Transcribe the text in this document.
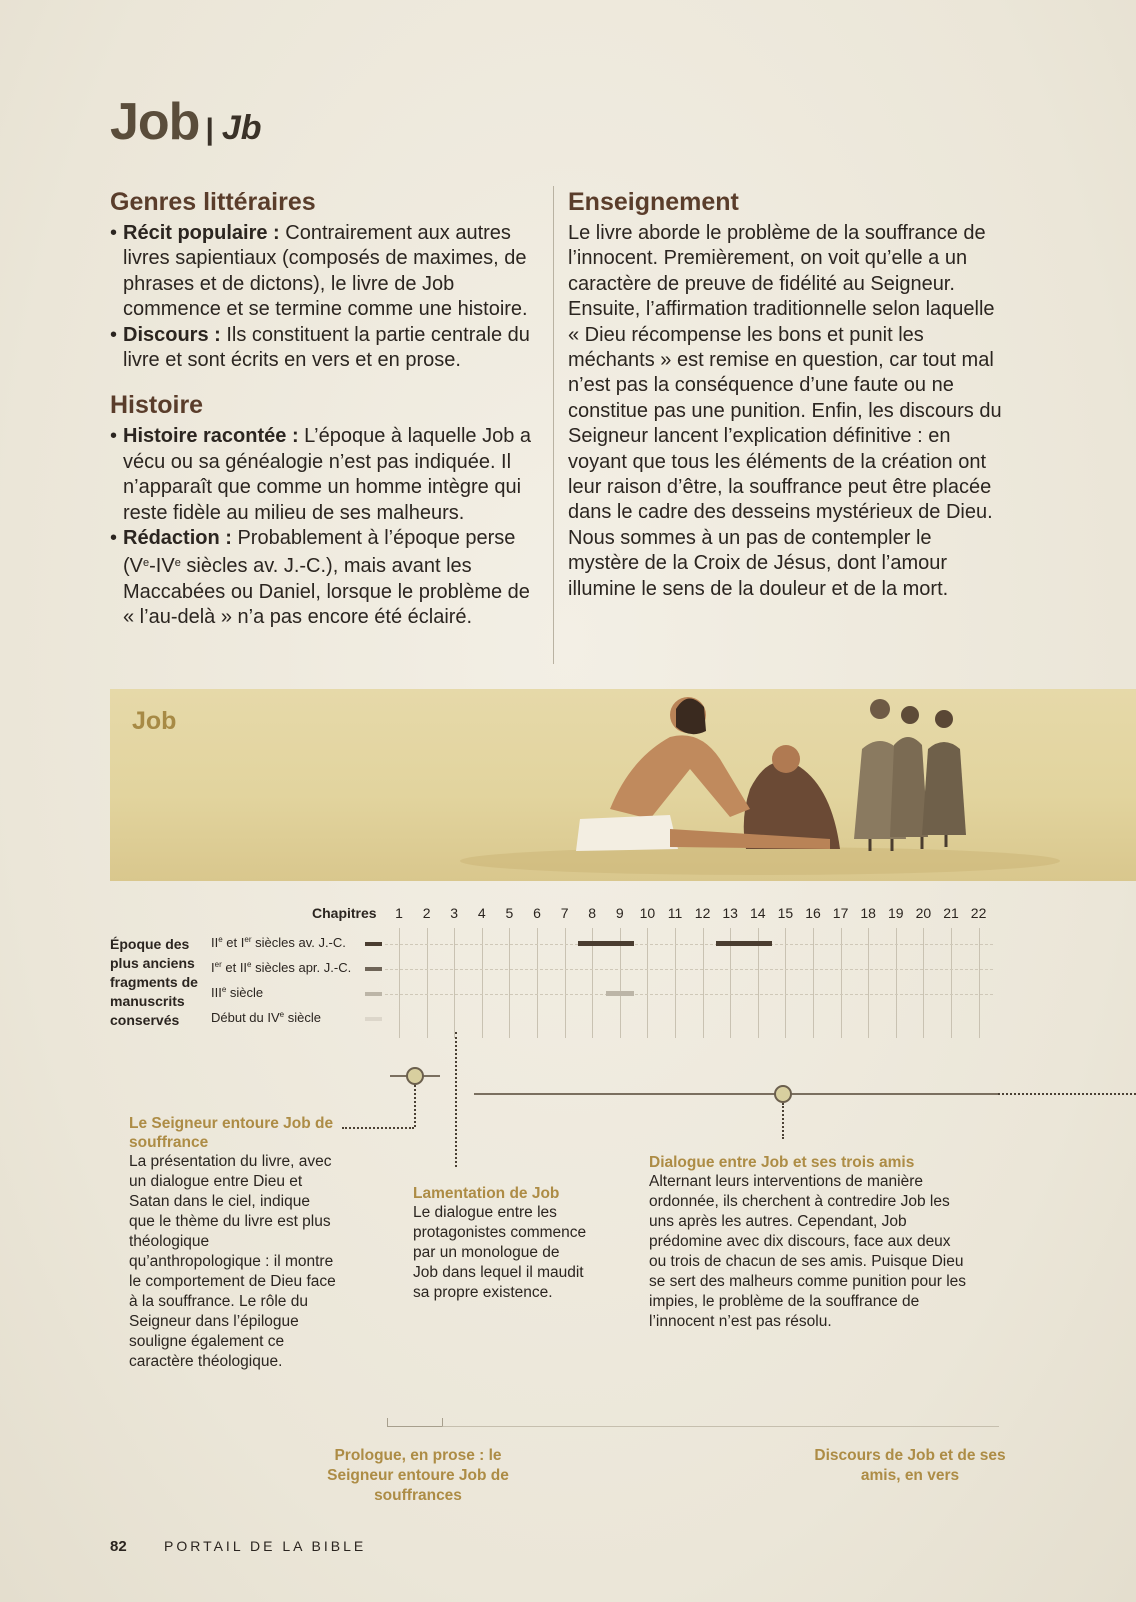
Job | Jb
Genres littéraires
• Récit populaire : Contrairement aux autres livres sapientiaux (composés de maximes, de phrases et de dictons), le livre de Job commence et se termine comme une histoire.
• Discours : Ils constituent la partie centrale du livre et sont écrits en vers et en prose.
Histoire
• Histoire racontée : L’époque à laquelle Job a vécu ou sa généalogie n’est pas indiquée. Il n’apparaît que comme un homme intègre qui reste fidèle au milieu de ses malheurs.
• Rédaction : Probablement à l’époque perse (Ve-IVe siècles av. J.-C.), mais avant les Maccabées ou Daniel, lorsque le problème de « l’au-delà » n’a pas encore été éclairé.
Enseignement

Le livre aborde le problème de la souffrance de l’innocent. Premièrement, on voit qu’elle a un caractère de preuve de fidélité au Seigneur. Ensuite, l’affirmation traditionnelle selon laquelle « Dieu récompense les bons et punit les méchants » est remise en question, car tout mal n’est pas la conséquence d’une faute ou ne constitue pas une punition. Enfin, les discours du Seigneur lancent l’explication définitive : en voyant que tous les éléments de la création ont leur raison d’être, la souffrance peut être placée dans le cadre des desseins mystérieux de Dieu. Nous sommes à un pas de contempler le mystère de la Croix de Jésus, dont l’amour illumine le sens de la douleur et de la mort.

Job
Chapitres	1	2	3	4	5	6	7	8	9	10 11 12 13 14 15 16 17 18 19 20 21 22
Époque des
plus anciens
fragments de
manuscrits
conservés
IIe et Ier siècles av. J.-C.
Ier et IIe siècles apr. J.-C.
IIIe siècle
Début du IVe siècle

Le Seigneur entoure Job de souffrance

La présentation du livre, avec un dialogue entre Dieu et Satan dans le ciel, indique que le thème du livre est plus théologique qu’anthropologique : il montre le comportement de Dieu face à la souffrance. Le rôle du Seigneur dans l’épilogue souligne également ce caractère théologique.

Lamentation de Job

Le dialogue entre les protagonistes commence par un monologue de Job dans lequel il maudit sa propre existence.

Dialogue entre Job et ses trois amis

Alternant leurs interventions de manière ordonnée, ils cherchent à contredire Job les uns après les autres. Cependant, Job prédomine avec dix discours, face aux deux ou trois de chacun de ses amis. Puisque Dieu se sert des malheurs comme punition pour les impies, le problème de la souffrance de l’innocent n’est pas résolu.

Prologue, en prose : le Seigneur entoure Job de souffrances
Discours de Job et de ses amis, en vers
82	PORTAIL DE LA BIBLE
